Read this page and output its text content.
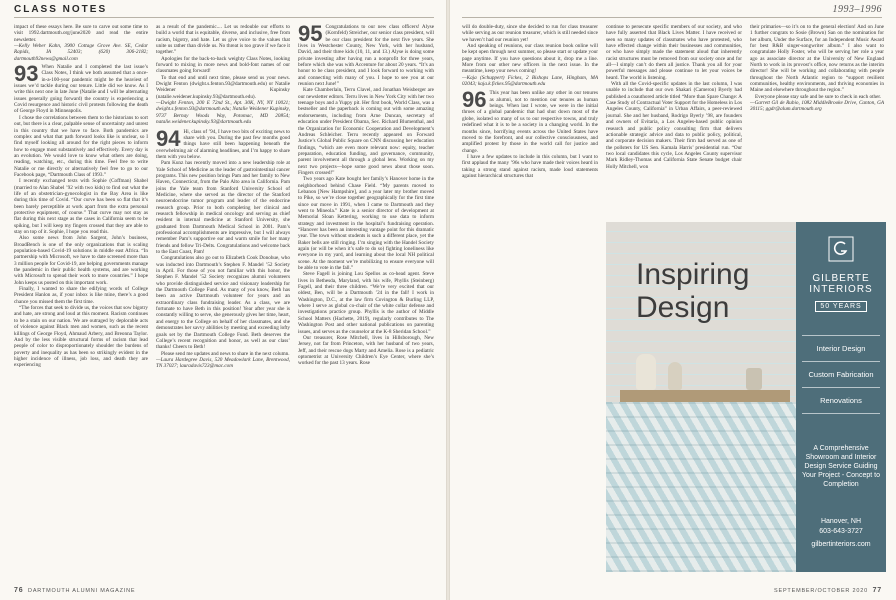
CLASS NOTES

impact of these essays here. Be sure to carve out some time to visit 1992.dartmouth.org/june2020 and read the entire newsletter.

—Kelly Weber Kahn, 3900 Cottage Grove Ave. SE, Cedar Rapids, IA 52403; (620) 306-2182; dartmouth92news@gmail.com

93 When Natalie and I completed the last issue’s Class Notes, I think we both assumed that a once-in-a-100-year pandemic might be the heaviest of issues we’d tackle during our tenure. Little did we know. As I write this next one in late June (Natalie and I will be alternating issues generally going forward) the country is experiencing a Covid resurgence and historic civil protests following the death of George Floyd in Minneapolis.

I chose the correlations between them to the historians to sort out, but there is a clear, palpable sense of uncertainty and unrest in this country that we have to face. Both pandemics are complex and what that path forward looks like is unclear, so I find myself looking all around for the right pieces to inform how to engage most substantively and effectively. Every day is an evolution. We would love to know what others are doing, reading, watching, etc., during this time. Feel free to write Natalie or me directly or alternatively feel free to go to our Facebook page, “Dartmouth Class of 1993.”

I recently exchanged texts with Sophie (Coffman) Shabel (married to Alan Shabel ’92 with two kids) to find out what the life of an obstetrician-gynecologist in the Bay Area is like during this time of Covid. “Our curve has been so flat that it’s been barely perceptible at work apart from the extra personal protective equipment, of course.” That curve may not stay as flat during this next stage as the cases in California seem to be spiking, but I will keep my fingers crossed that they are able to stay on top of it. Sophie, I hope you read this.

Also some news from John Sargent, John’s business, BroadBench is one of the only organizations that is scaling population-based Covid-19 solutions in middle east Africa. “In partnership with Microsoft, we have to date screened more than 3 million people for Covid-19, are helping governments manage the pandemic in their public health systems, and are working with Microsoft to spread their work to more countries.” I hope John keeps us posted on this important work.

Finally, I wanted to share the edifying words of College President Hanlon as, if your inbox is like mine, there’s a good chance you missed them the first time.

“The forces that seek to divide us, the voices that sow bigotry and hate, are strong and loud at this moment. Racism continues to be a stain on our nation. We are outraged by deplorable acts of violence against Black men and women, such as the recent killings of George Floyd, Ahmaud Arbery, and Breonna Taylor. And by the less visible structural forms of racism that lead people of color to disproportionately shoulder the burdens of poverty and inequality as has been so strikingly evident in the higher incidence of illness, job loss, and death they are experiencing

as a result of the pandemic.... Let us redouble our efforts to build a world that is equitable, diverse, and inclusive, free from racism, bigotry, and hate. Let us give voice to the values that unite us rather than divide us. No threat is too grave if we face it together.”

Apologies for the back-to-back weighty Class Notes, looking forward to mixing in more news and bold-font names of our classmates going forward!

To that end and until next time, please send us your news. Dwight Fenton (dwight.s.fenton.93@dartmouth.edu) or Natalie Weidener Kupinsky (natalie.weidener.kupinsky.93@dartmouth.edu).

—Dwight Fenton, 200 E 72nd St., Apt. 30K, NY, NY 10021; dwight.s.fenton.93@dartmouth.edu; Natalie Weidener Kupinsky, 9737 Bernay Woods Way, Potomac, MD 20854; natalie.weidener.kupinsky.93@dartmouth.edu

94 Hi, class of ’94, I have two bits of exciting news to share with you. During the past few months good things have still been happening beneath the overwhelming air of alarming headlines, and I’m happy to share them with you below.

Pam Kunz has recently moved into a new leadership role at Yale School of Medicine as the leader of gastrointestinal cancer programs. This new position brings Pam and her family to New Haven, Connecticut, from the Palo Alto area in California. Pam joins the Yale team from Stanford University School of Medicine, where she served as the director of the Stanford neuroendocrine tumor program and leader of the endocrine research group. Prior to both completing her clinical and research fellowship in medical oncology and serving as chief resident in internal medicine at Stanford University, she graduated from Dartmouth Medical School in 2001. Pam’s professional accomplishments are impressive, but I will always remember Pam’s supportive ear and warm smile for her many friends and fellow Tri-Delts. Congratulations and welcome back to the East Coast, Pam!

Congratulations also go out to Elizabeth Cook Donohue, who was inducted into Dartmouth’s Stephen F. Mandel ’52 Society in April. For those of you not familiar with this honor, the Stephen F. Mandel ’52 Society recognizes alumni volunteers who provide distinguished service and visionary leadership for the Dartmouth College Fund. As many of you know, Beth has been an active Dartmouth volunteer for years and an extraordinary class fundraising leader. As a class, we are fortunate to have Beth in this position! Year after year she is constantly willing to serve, she generously gives her time, heart, and energy to the College on behalf of her classmates, and she demonstrates her savvy abilities by meeting and exceeding lofty goals set by the Dartmouth College Fund. Beth deserves the College’s recent recognition and honor, as well as our class’ thanks! Cheers to Beth!

Please send me updates and news to share in the next column.

—Laura Hardegree Davis, 520 Meadowlark Lane, Brentwood, TN 37027; lauradavis723@mac.com

95 Congratulations to our new class officers! Alyse (Kornfeld) Streicher, our senior class president, will be our class president for the next five years. She lives in Westchester County, New York, with her husband, David, and their three kids (10, 11, and 13.) Alyse is doing some private investing after having run a nonprofit for three years, before which she was with Accenture for about 20 years. “It’s an honor to be class president, and I look forward to working with and connecting with many of you. I hope to see you at our reunion next June!”

Kate Chamberlain, Terru Clavel, and Jonathan Weisberger are our newsletter editors. Terru lives in New York City with her two teenage boys and a Yuppy pit. Her first book, World Class, was a bestseller and the paperback is coming out with some amazing endorsements, including from Arne Duncan, secretary of education under President Obama, Sec. Richard Blumenthal, and the Organization for Economic Cooperation and Development’s Andreas Schleicher. Terru recently appeared on Forward Justice’s Global Public Square on CNN discussing her education findings, “which are even more relevant now: equity, teacher preparation, education funding, and governance, community, parent involvement all through a global lens. Working on my next two projects—hope some good news about those soon. Fingers crossed!”

Two years ago Kate bought her family’s Hanover home in the neighborhood behind Chase Field. “My parents moved to Lebanon [New Hampshire], and a year later my brother moved to Pike, so we’re close together geographically for the first time since our move in 1991, when I came to Dartmouth and they went to Mineola.” Kate is a senior director of development at Memorial Sloan Kettering, working to use data to inform strategy and investment in the hospital’s fundraising operation. “Hanover has been an interesting vantage point for this dramatic year. The town without students is such a different place, yet the Baker bells are still ringing. I’m singing with the Handel Society again (or will be when it’s safe to do so) fighting loneliness like everyone in my yard, and learning about the local NH political scene. At the moment we’re mobilizing to ensure everyone will be able to vote in the fall.”

Steve Fagell is joining Lou Spellos as co-head agent. Steve lives in Bethesda, Maryland, with his wife, Phyllis (Steinberg) Fagell, and their three children. “We’re very excited that our oldest, Ben, will be a Dartmouth ’24 in the fall! I work in Washington, D.C., at the law firm Covington & Burling LLP, where I serve as global co-chair of the white collar defense and investigations practice group. Phyllis is the author of Middle School Matters (Hachette, 2019), regularly contributes to The Washington Post and other national publications on parenting issues, and serves as the counselor at the K-8 Sheridan School.”

Our treasurer, Rose Mitchell, lives in Hillsborough, New Jersey, not far from Princeton, with her husband of two years, Jeff, and their rescue dogs Marty and Amelia. Rose is a pediatric optometrist at University Children’s Eye Center, where she’s worked for the past 13 years. Rose

76 DARTMOUTH ALUMNI MAGAZINE
1993–1996

will do double-duty, since she decided to run for class treasurer while serving as our reunion treasurer, which is still needed since we haven’t had our reunion yet!

And speaking of reunions, our class reunion book online will be kept open through next summer, so please start or update your page anytime. If you have questions about it, drop me a line. More from our other new officers in the next issue. In the meantime, keep your news coming!

—Kaja (Schuppert) Fickes, 2 Bishops Lane, Hingham, MA 02043; kaja.k.fickes.95@dartmouth.edu

96 This year has been unlike any other in our tenures as alumni, not to mention our tenures as human beings. When last I wrote, we were in the initial throes of a global pandemic that had shut down most of the globe, isolated so many of us to our respective towns, and truly redefined what it is to be a society in a changing world. In the months since, horrifying events across the United States have moved to the forefront, and our collective consciousness, and amplified protest by those in the world call for justice and change.

I have a few updates to include in this column, but I want to first applaud the many ’96s who have made their voices heard in taking a strong stand against racism, made loud statements against hierarchical structures that

continue to persecute specific members of our society, and who have fully asserted that Black Lives Matter. I have received or seen so many updates of classmates who have protested, who have effected change within their businesses and communities, or who have simply made the statement aloud that inherently racist structures must be removed from our society once and for all—I simply can’t do them all justice. Thank you all for your powerful messages and please continue to let your voices be heard. The world is listening.

With all the Covid-specific updates in the last column, I was unable to include that our own Shakari (Cameron) Byerly had published a coauthored article titled “More than Spare Change: A Case Study of Contractual Voter Support for the Homeless in Los Angeles County, California” in Urban Affairs, a peer-reviewed journal. She and her husband, Rodrigo Byerly ’98, are founders and owners of Evitaria, a Los Angeles-based public opinion research and public policy consulting firm that delivers actionable strategic advice and data to public policy, political, and corporate decision makers. Their firm had served as one of the pollsters for US Sen. Kamala Harris’ presidential run. “Our two local candidates this cycle, Los Angeles County supervisor Mark Ridley-Thomas and California State Senate budget chair Holly Mitchell, won

their primaries—so it’s on to the general election! And on June 1 further congrats to Sosie (Brown) San on the nomination for her album, Under the Surface, for an Independent Music Award for best R&B singer-songwriter album.” I also want to congratulate Holly Foster, who will be serving her role a year ago as associate director at the University of New England North to work in its provost’s office, now returns as the interim director! She will be working and collaborating with people throughout the North Atlantic region to “support resilient communities, healthy environments, and thriving economies in Maine and elsewhere throughout the region.”

Everyone please stay safe and be sure to check in each other.

—Garrett Gil de Rubio, 1082 MiddleBrooke Drive, Canton, GA 30115; ggdr@alum.dartmouth.org

Inspiring
Design
GILBERTE
INTERIORS
50 YEARS
Interior Design
Custom Fabrication
Renovations
A Comprehensive Showroom and Interior Design Service Guiding Your Project - Concept to Completion
Hanover, NH
603-643-3727
gilbertinteriors.com
SEPTEMBER/OCTOBER 2020 77
